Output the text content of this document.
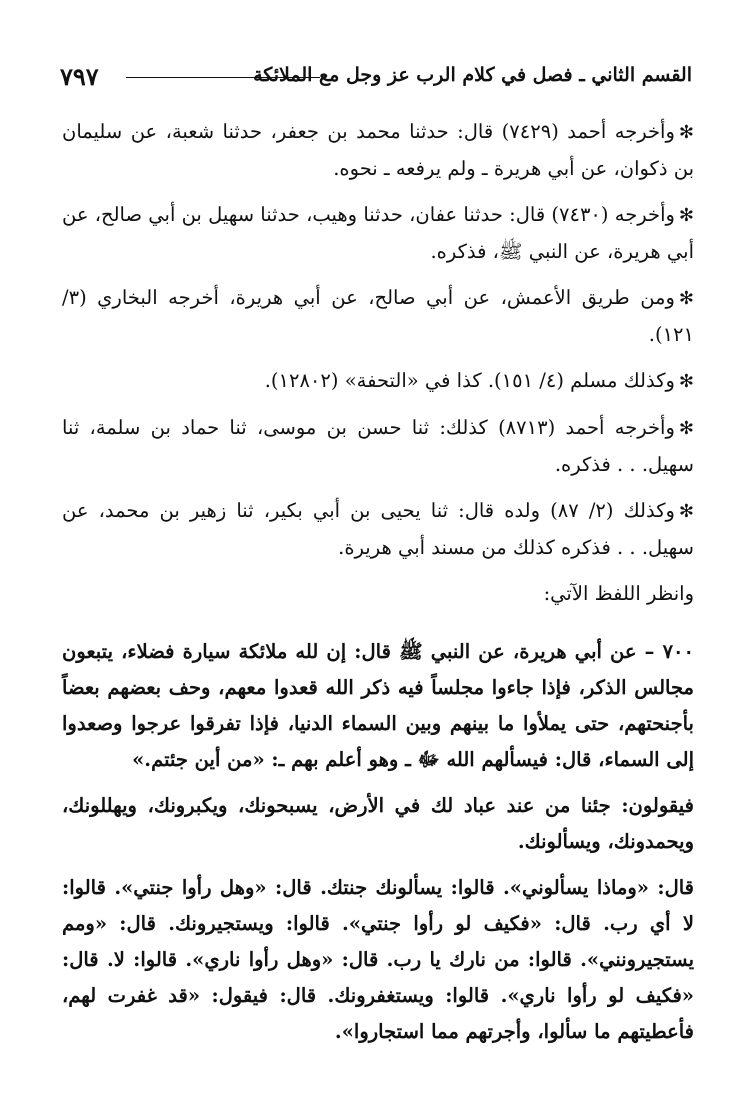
القسم الثاني ـ فصل في كلام الرب عز وجل مع الملائكة
٧٩٧

✻وأخرجه أحمد (٧٤٢٩) قال: حدثنا محمد بن جعفر، حدثنا شعبة، عن سليمان بن ذكوان، عن أبي هريرة ـ ولم يرفعه ـ نحوه.

✻وأخرجه (٧٤٣٠) قال: حدثنا عفان، حدثنا وهيب، حدثنا سهيل بن أبي صالح، عن أبي هريرة، عن النبي ﷺ، فذكره.

✻ومن طريق الأعمش، عن أبي صالح، عن أبي هريرة، أخرجه البخاري (٣/ ١٢١).

✻وكذلك مسلم (٤/ ١٥١). كذا في «التحفة» (١٢٨٠٢).

✻وأخرجه أحمد (٨٧١٣) كذلك: ثنا حسن بن موسى، ثنا حماد بن سلمة، ثنا سهيل. . . فذكره.

✻وكذلك (٢/ ٨٧) ولده قال: ثنا يحيى بن أبي بكير، ثنا زهير بن محمد، عن سهيل. . . فذكره كذلك من مسند أبي هريرة.

وانظر اللفظ الآتي:

٧٠٠ – عن أبي هريرة، عن النبي ﷺ قال: إن لله ملائكة سيارة فضلاء، يتبعون مجالس الذكر، فإذا جاءوا مجلساً فيه ذكر الله قعدوا معهم، وحف بعضهم بعضاً بأجنحتهم، حتى يملأوا ما بينهم وبين السماء الدنيا، فإذا تفرقوا عرجوا وصعدوا إلى السماء، قال: فيسألهم الله ﷻ ـ وهو أعلم بهم ـ: «من أين جئتم.»

فيقولون: جئنا من عند عباد لك في الأرض، يسبحونك، ويكبرونك، ويهللونك، ويحمدونك، ويسألونك.

قال: «وماذا يسألوني». قالوا: يسألونك جنتك. قال: «وهل رأوا جنتي». قالوا: لا أي رب. قال: «فكيف لو رأوا جنتي». قالوا: ويستجيرونك. قال: «ومم يستجيرونني». قالوا: من نارك يا رب. قال: «وهل رأوا ناري». قالوا: لا. قال: «فكيف لو رأوا ناري». قالوا: ويستغفرونك. قال: فيقول: «قد غفرت لهم، فأعطيتهم ما سألوا، وأجرتهم مما استجاروا».
